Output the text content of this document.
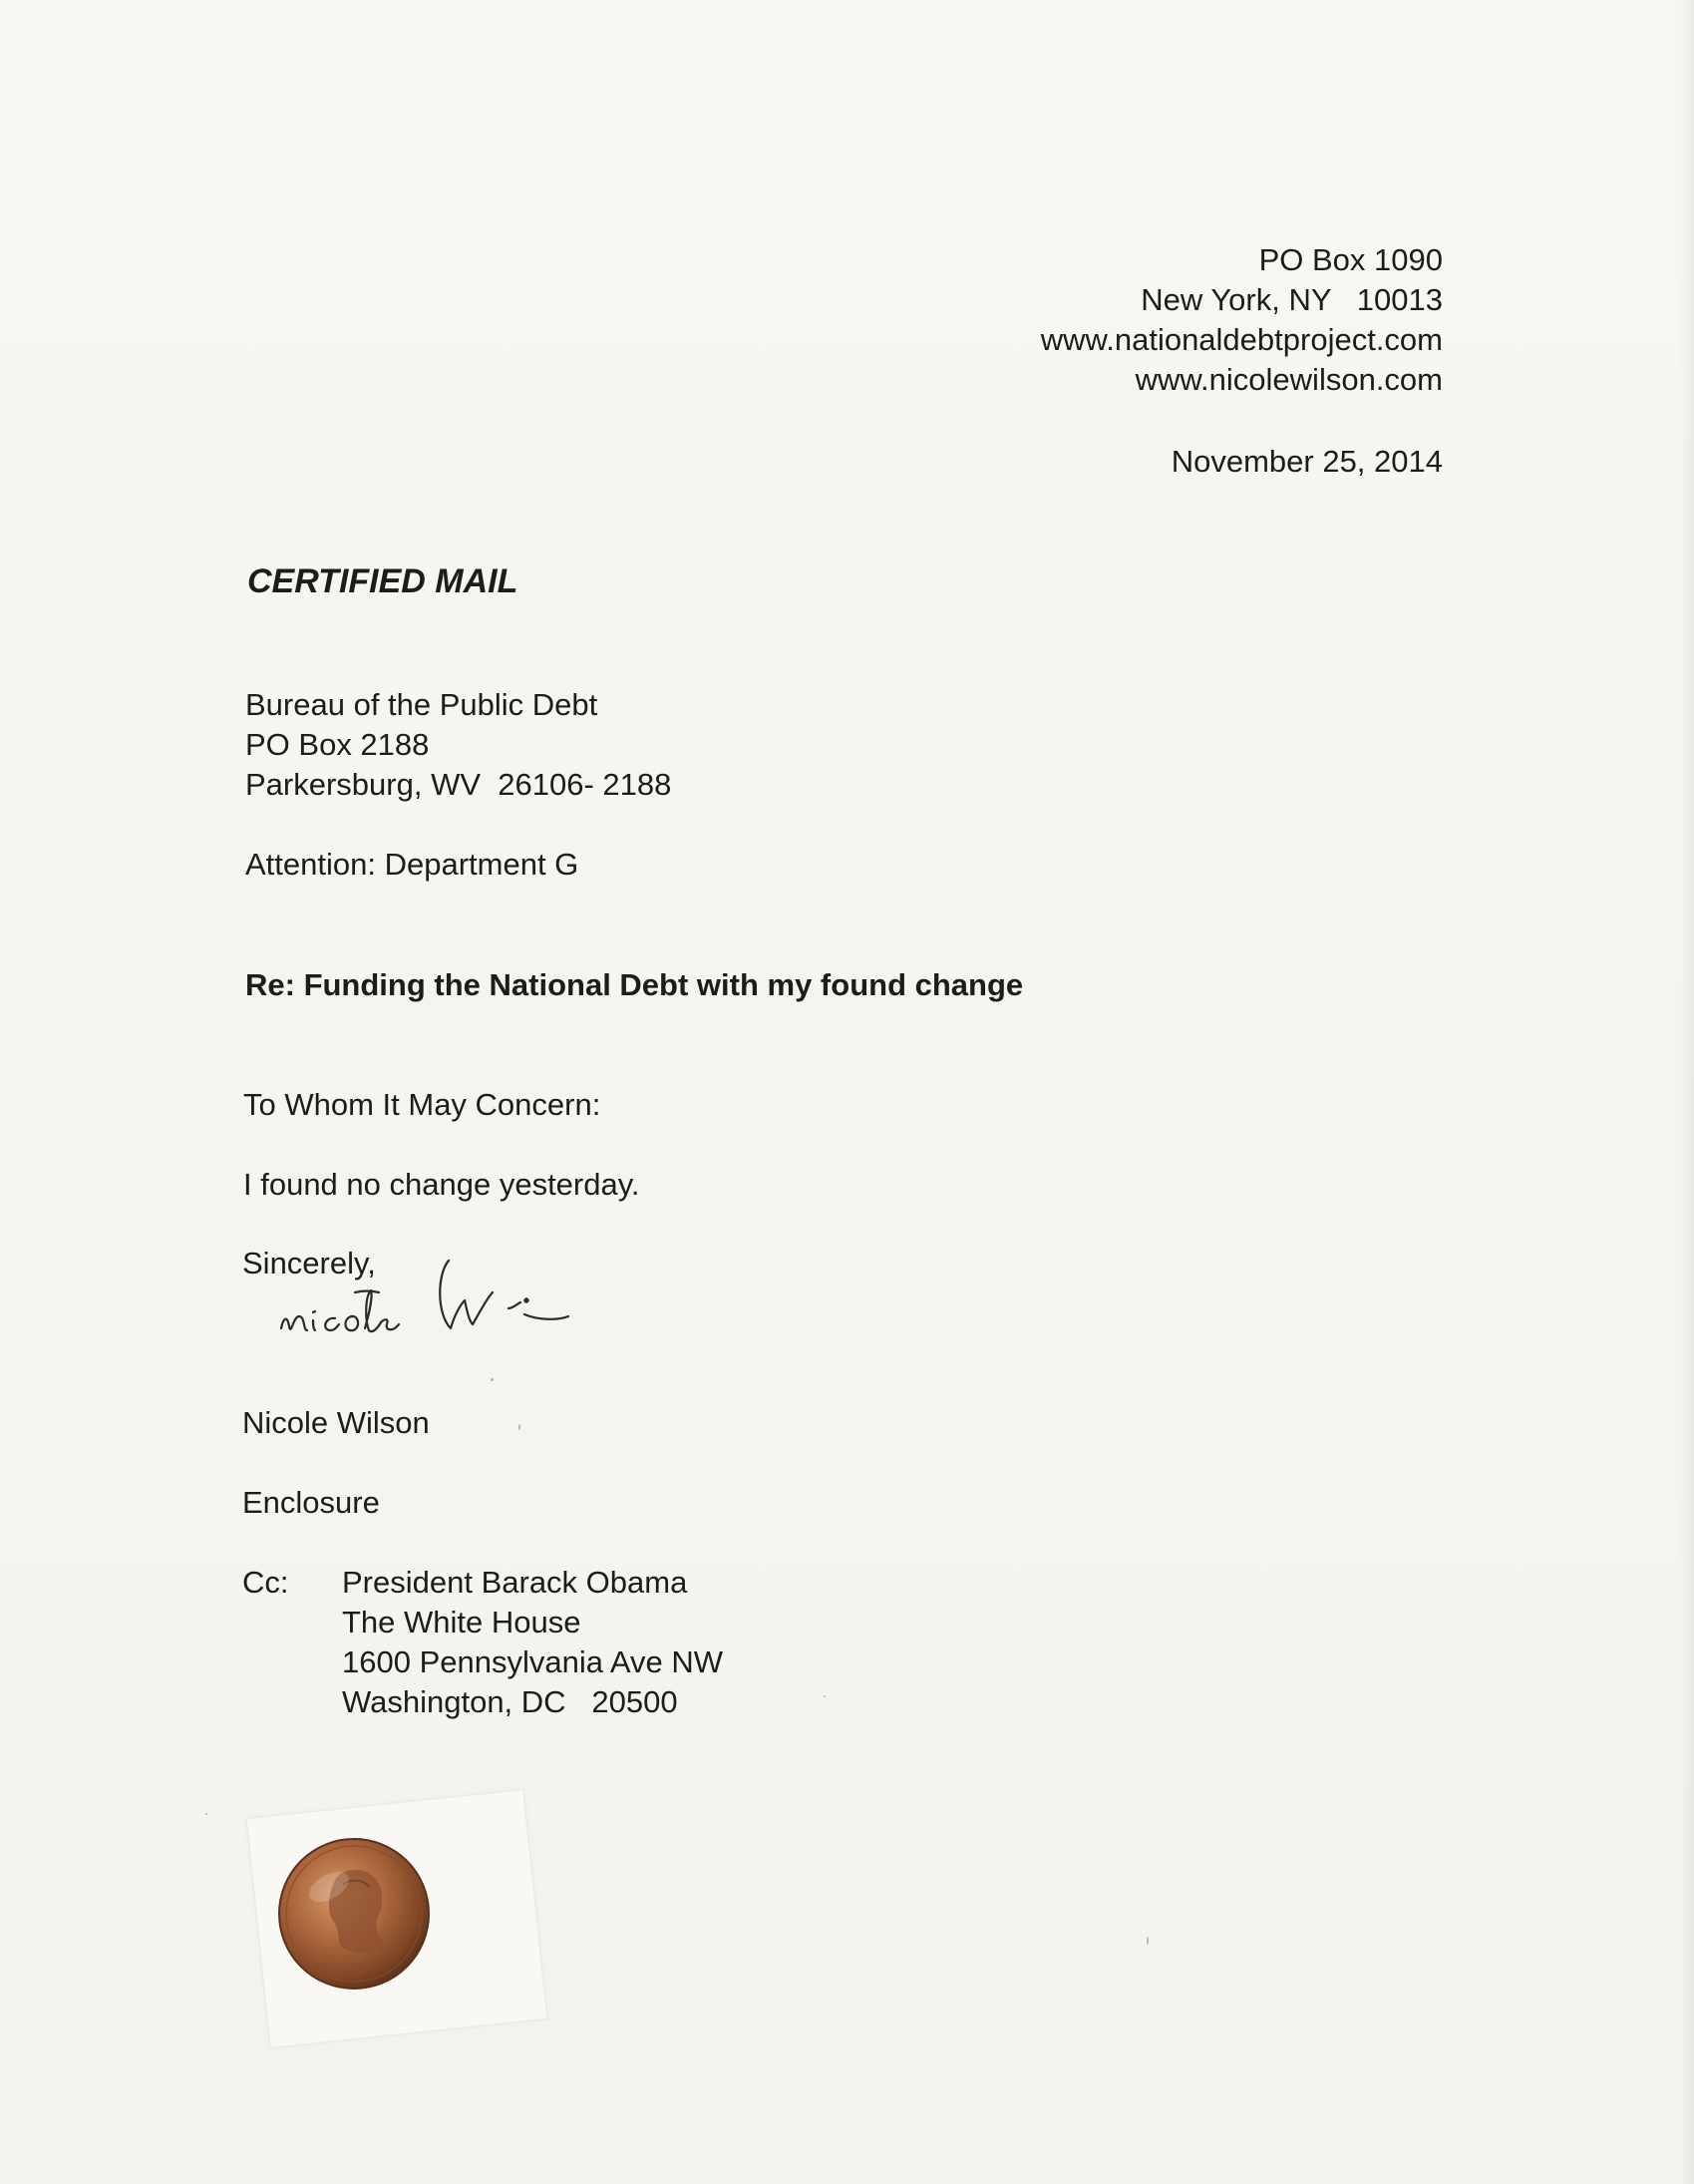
PO Box 1090
New York, NY   10013
www.nationaldebtproject.com
www.nicolewilson.com
November 25, 2014
CERTIFIED MAIL
Bureau of the Public Debt
PO Box 2188
Parkersburg, WV  26106- 2188
Attention: Department G
Re: Funding the National Debt with my found change
To Whom It May Concern:
I found no change yesterday.
Sincerely,
Nicole Wilson
Enclosure
Cc: President Barack Obama
The White House
1600 Pennsylvania Ave NW
Washington, DC   20500
